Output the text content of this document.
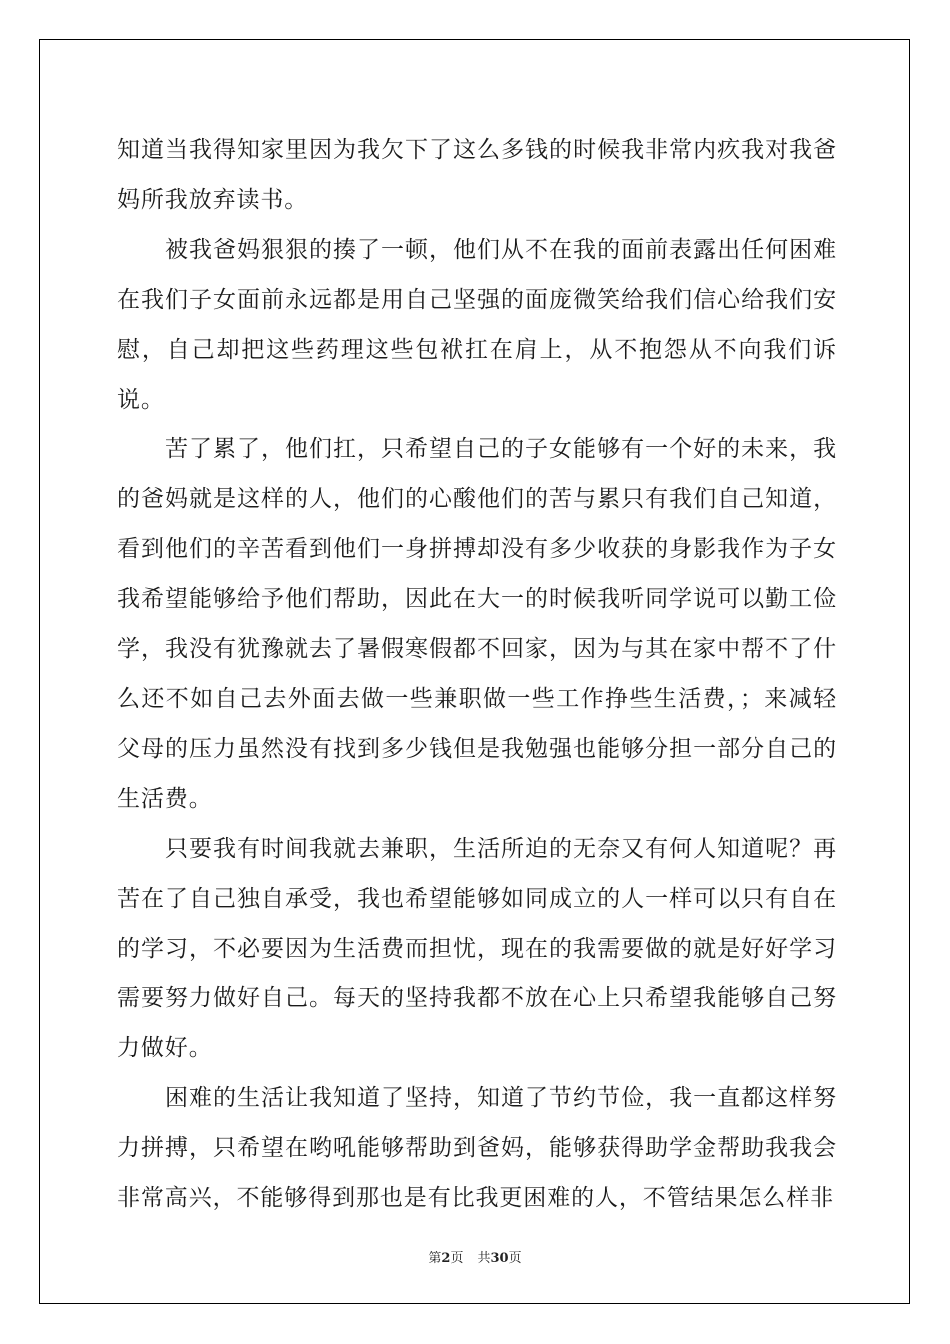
知道当我得知家里因为我欠下了这么多钱的时候我非常内疚我对我爸妈所我放弃读书。

被我爸妈狠狠的揍了一顿，他们从不在我的面前表露出任何困难在我们子女面前永远都是用自己坚强的面庞微笑给我们信心给我们安慰，自己却把这些药理这些包袱扛在肩上，从不抱怨从不向我们诉说。

苦了累了，他们扛，只希望自己的子女能够有一个好的未来，我的爸妈就是这样的人，他们的心酸他们的苦与累只有我们自己知道，看到他们的辛苦看到他们一身拼搏却没有多少收获的身影我作为子女我希望能够给予他们帮助，因此在大一的时候我听同学说可以勤工俭学，我没有犹豫就去了暑假寒假都不回家，因为与其在家中帮不了什么还不如自己去外面去做一些兼职做一些工作挣些生活费，；来减轻父母的压力虽然没有找到多少钱但是我勉强也能够分担一部分自己的生活费。

只要我有时间我就去兼职，生活所迫的无奈又有何人知道呢？再苦在了自己独自承受，我也希望能够如同成立的人一样可以只有自在的学习，不必要因为生活费而担忧，现在的我需要做的就是好好学习需要努力做好自己。每天的坚持我都不放在心上只希望我能够自己努力做好。

困难的生活让我知道了坚持，知道了节约节俭，我一直都这样努力拼搏，只希望在哟吼能够帮助到爸妈，能够获得助学金帮助我我会非常高兴，不能够得到那也是有比我更困难的人，不管结果怎么样非

第2页 共30页
